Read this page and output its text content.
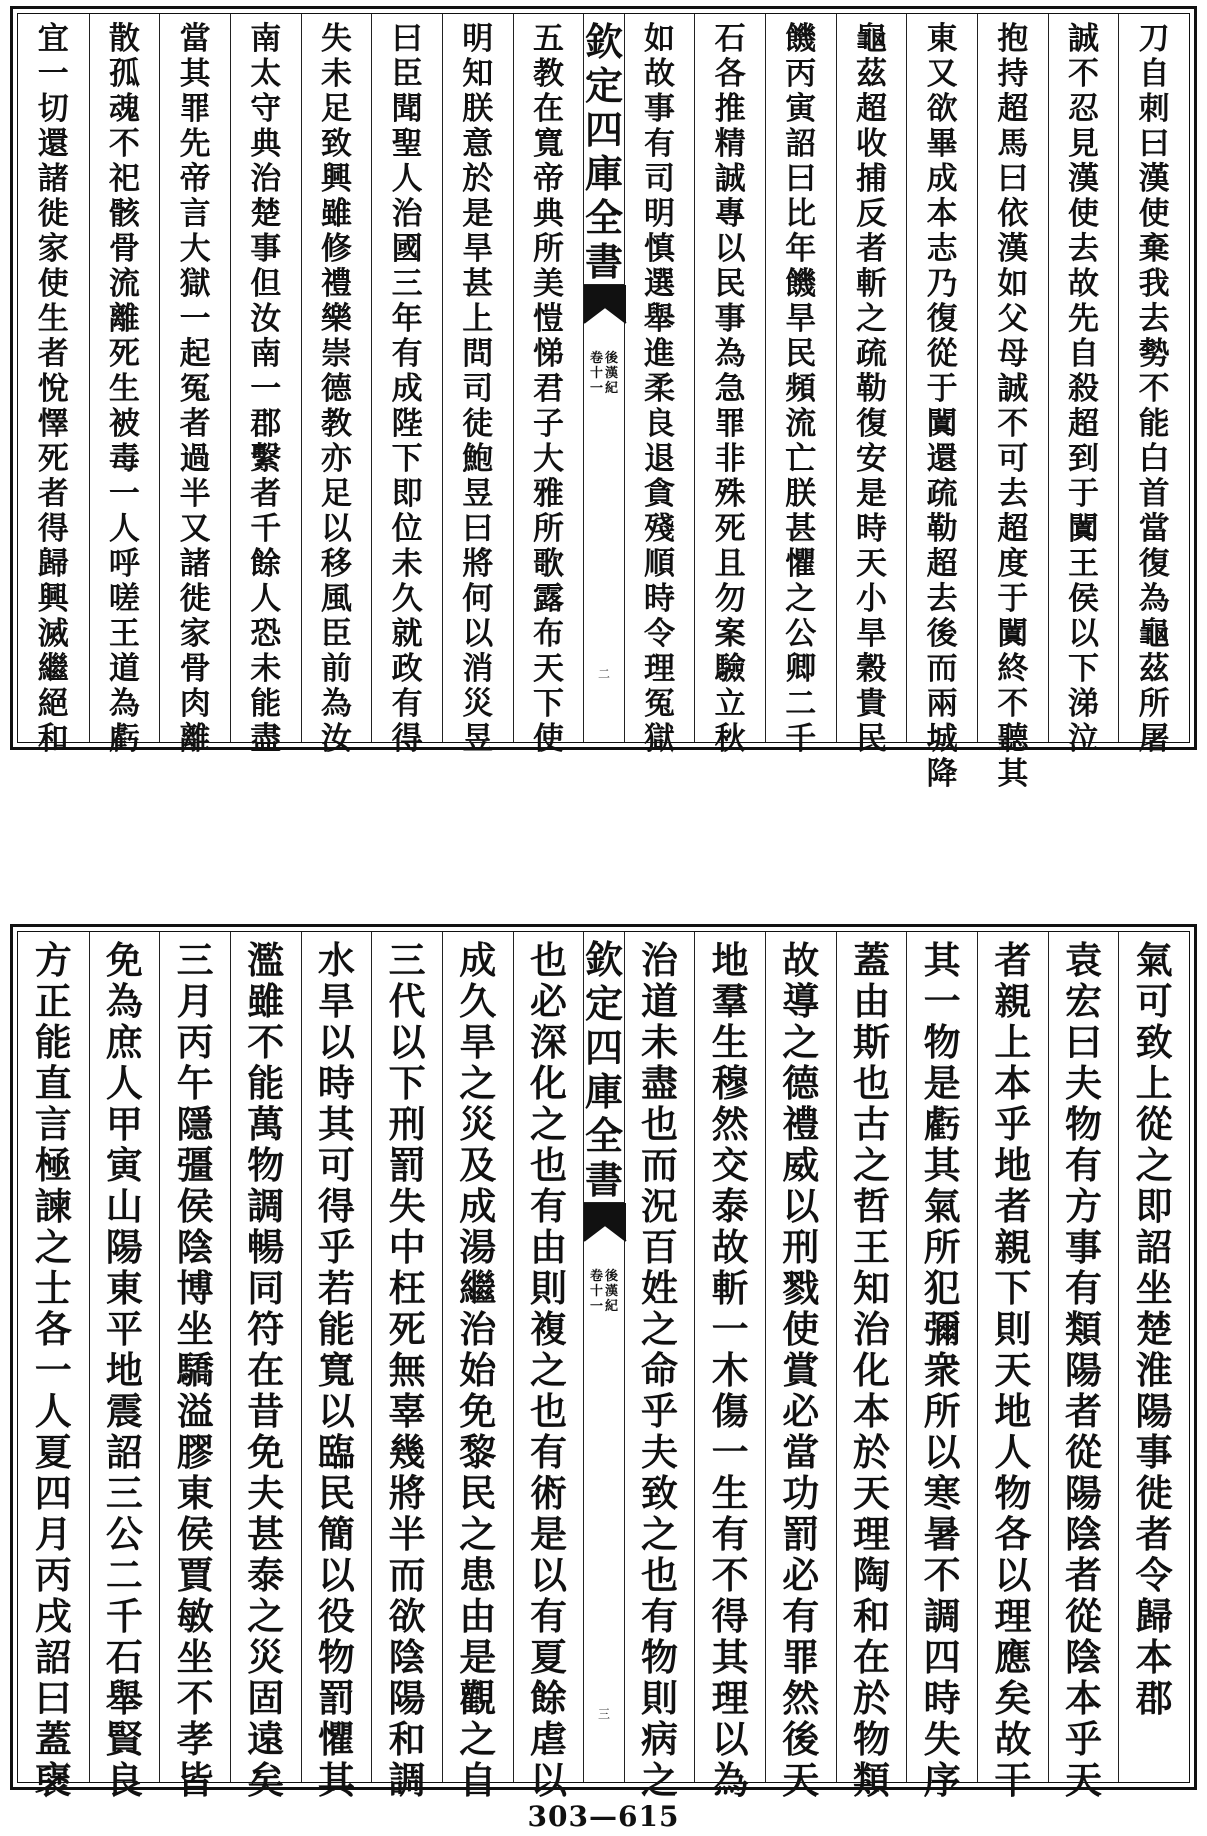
刀
自
刺
曰
漢
使
棄
我
去
勢
不
能
白
首
當
復
為
龜
茲
所
屠
誠
不
忍
見
漢
使
去
故
先
自
殺
超
到
于
闐
王
侯
以
下
涕
泣
抱
持
超
馬
曰
依
漢
如
父
母
誠
不
可
去
超
度
于
闐
終
不
聽
其
東
又
欲
畢
成
本
志
乃
復
從
于
闐
還
疏
勒
超
去
後
而
兩
城
降
龜
茲
超
收
捕
反
者
斬
之
疏
勒
復
安
是
時
天
小
旱
穀
貴
民
饑
丙
寅
詔
曰
比
年
饑
旱
民
頻
流
亡
朕
甚
懼
之
公
卿
二
千
石
各
推
精
誠
專
以
民
事
為
急
罪
非
殊
死
且
勿
案
驗
立
秋
如
故
事
有
司
明
慎
選
舉
進
柔
良
退
貪
殘
順
時
令
理
冤
獄
欽
定
四
庫
全
書
後
漢
紀
卷
十
一
二
五
教
在
寬
帝
典
所
美
愷
悌
君
子
大
雅
所
歌
露
布
天
下
使
明
知
朕
意
於
是
旱
甚
上
問
司
徒
鮑
昱
曰
將
何
以
消
災
昱
曰
臣
聞
聖
人
治
國
三
年
有
成
陛
下
即
位
未
久
就
政
有
得
失
未
足
致
興
雖
修
禮
樂
崇
德
教
亦
足
以
移
風
臣
前
為
汝
南
太
守
典
治
楚
事
但
汝
南
一
郡
繫
者
千
餘
人
恐
未
能
盡
當
其
罪
先
帝
言
大
獄
一
起
冤
者
過
半
又
諸
徙
家
骨
肉
離
散
孤
魂
不
祀
骸
骨
流
離
死
生
被
毒
一
人
呼
嗟
王
道
為
虧
宜
一
切
還
諸
徙
家
使
生
者
悅
懌
死
者
得
歸
興
滅
繼
絕
和
氣
可
致
上
從
之
即
詔
坐
楚
淮
陽
事
徙
者
令
歸
本
郡
袁
宏
曰
夫
物
有
方
事
有
類
陽
者
從
陽
陰
者
從
陰
本
乎
天
者
親
上
本
乎
地
者
親
下
則
天
地
人
物
各
以
理
應
矣
故
干
其
一
物
是
虧
其
氣
所
犯
彌
衆
所
以
寒
暑
不
調
四
時
失
序
蓋
由
斯
也
古
之
哲
王
知
治
化
本
於
天
理
陶
和
在
於
物
類
故
導
之
德
禮
威
以
刑
戮
使
賞
必
當
功
罰
必
有
罪
然
後
天
地
羣
生
穆
然
交
泰
故
斬
一
木
傷
一
生
有
不
得
其
理
以
為
治
道
未
盡
也
而
況
百
姓
之
命
乎
夫
致
之
也
有
物
則
病
之
欽
定
四
庫
全
書
後
漢
紀
卷
十
一
三
也
必
深
化
之
也
有
由
則
複
之
也
有
術
是
以
有
夏
餘
虐
以
成
久
旱
之
災
及
成
湯
繼
治
始
免
黎
民
之
患
由
是
觀
之
自
三
代
以
下
刑
罰
失
中
枉
死
無
辜
幾
將
半
而
欲
陰
陽
和
調
水
旱
以
時
其
可
得
乎
若
能
寬
以
臨
民
簡
以
役
物
罰
懼
其
濫
雖
不
能
萬
物
調
暢
同
符
在
昔
免
夫
甚
泰
之
災
固
遠
矣
三
月
丙
午
隱
彊
侯
陰
博
坐
驕
溢
膠
東
侯
賈
敏
坐
不
孝
皆
免
為
庶
人
甲
寅
山
陽
東
平
地
震
詔
三
公
二
千
石
舉
賢
良
方
正
能
直
言
極
諫
之
士
各
一
人
夏
四
月
丙
戌
詔
曰
蓋
襃
303—615
